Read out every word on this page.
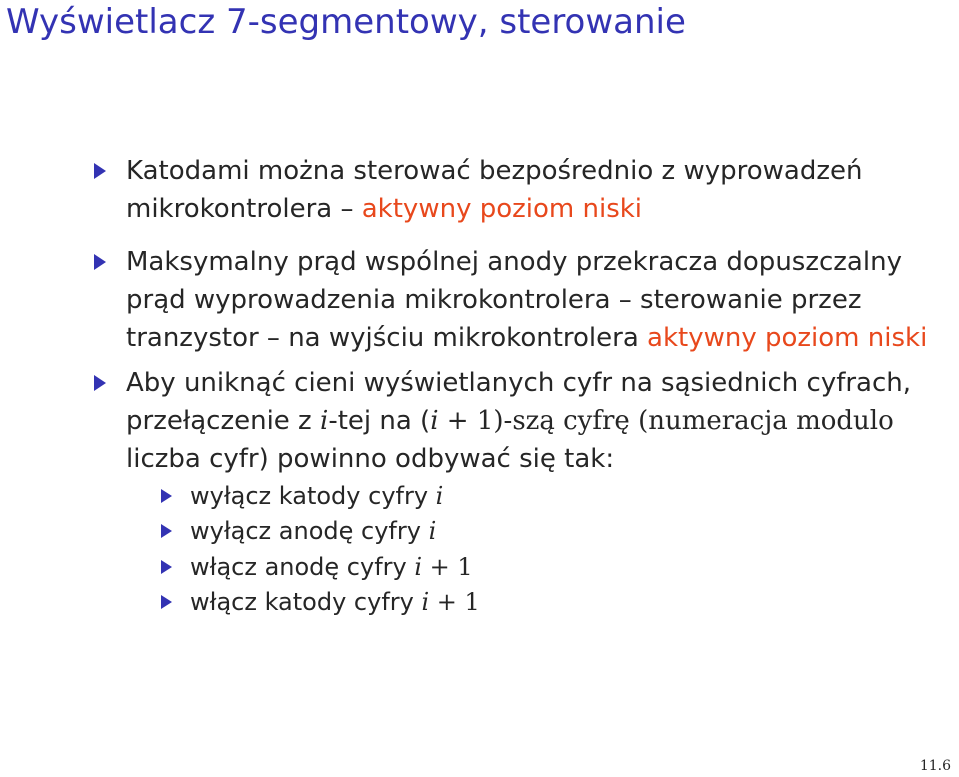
Wyświetlacz 7-segmentowy, sterowanie
Katodami można sterować bezpośrednio z wyprowadzeń
mikrokontrolera – aktywny poziom niski
Maksymalny prąd wspólnej anody przekracza dopuszczalny
prąd wyprowadzenia mikrokontrolera – sterowanie przez
tranzystor – na wyjściu mikrokontrolera aktywny poziom niski
Aby uniknąć cieni wyświetlanych cyfr na sąsiednich cyfrach,
przełączenie z i-tej na (i + 1)-szą cyfrę (numeracja modulo
liczba cyfr) powinno odbywać się tak:
wyłącz katody cyfry i
wyłącz anodę cyfry i
włącz anodę cyfry i + 1
włącz katody cyfry i + 1
11.6
